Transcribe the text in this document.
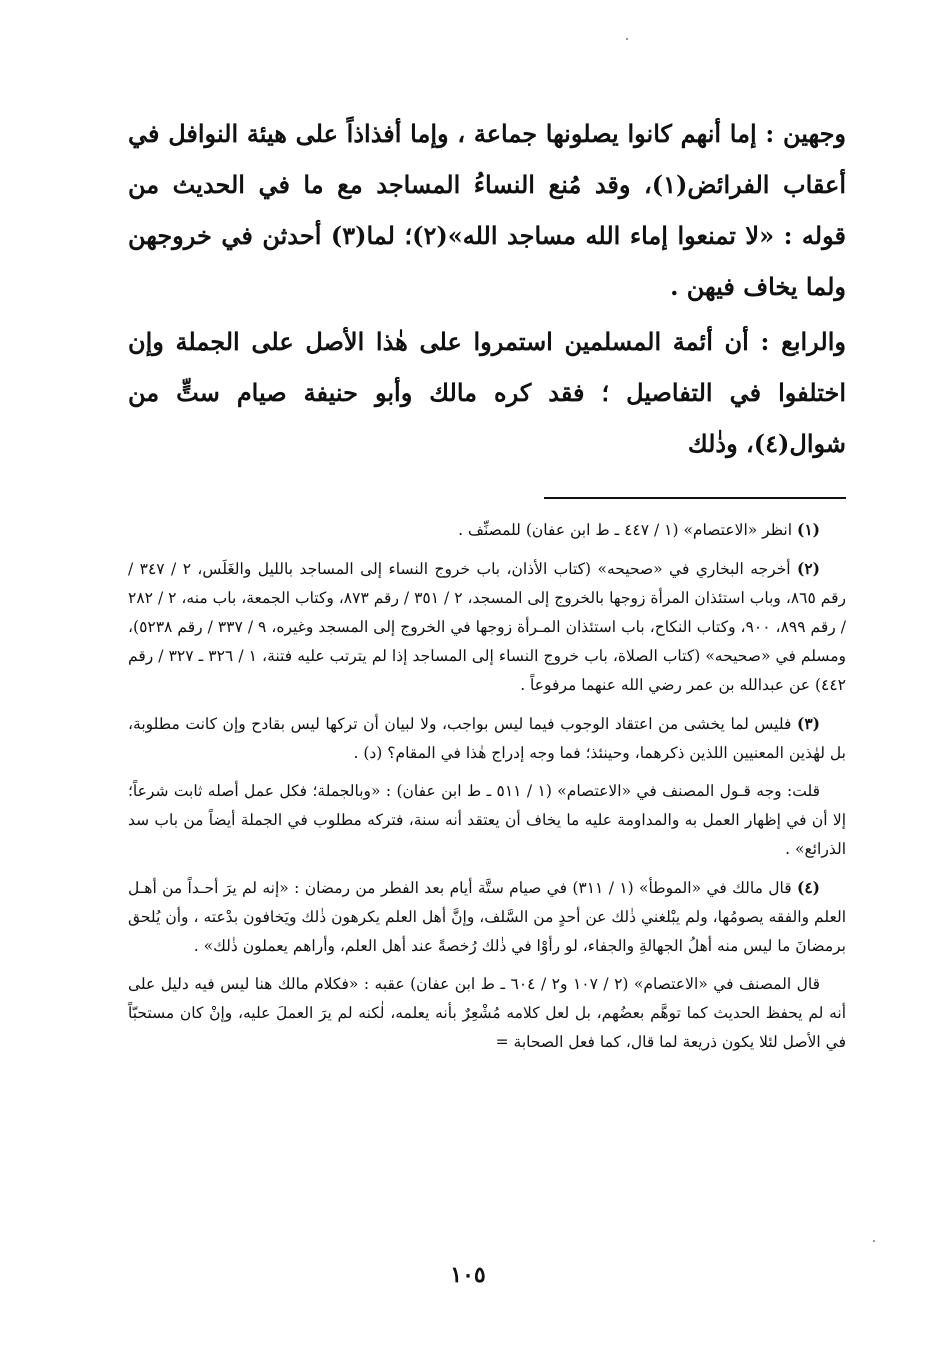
وجهين : إما أنهم كانوا يصلونها جماعة ، وإما أفذاذاً على هيئة النوافل في أعقاب الفرائض(١)، وقد مُنع النساءُ المساجد مع ما في الحديث من قوله : «لا تمنعوا إماء الله مساجد الله»(٢)؛ لما(٣) أحدثن في خروجهن ولما يخاف فيهن .

والرابع : أن أئمة المسلمين استمروا على هٰذا الأصل على الجملة وإن اختلفوا في التفاصيل ؛ فقد كره مالك وأبو حنيفة صيام ستٍّ من شوال(٤)، وذٰلك

(١) انظر «الاعتصام» (١ / ٤٤٧ ـ ط ابن عفان) للمصنِّف .

(٢) أخرجه البخاري في «صحيحه» (كتاب الأذان، باب خروج النساء إلى المساجد بالليل والغَلَس، ٢ / ٣٤٧ / رقم ٨٦٥، وباب استئذان المرأة زوجها بالخروج إلى المسجد، ٢ / ٣٥١ / رقم ٨٧٣، وكتاب الجمعة، باب منه، ٢ / ٢٨٢ / رقم ٨٩٩، ٩٠٠، وكتاب النكاح، باب استئذان المـرأة زوجها في الخروج إلى المسجد وغيره، ٩ / ٣٣٧ / رقم ٥٢٣٨)، ومسلم في «صحيحه» (كتاب الصلاة، باب خروج النساء إلى المساجد إذا لم يترتب عليه فتنة، ١ / ٣٢٦ ـ ٣٢٧ / رقم ٤٤٢) عن عبدالله بن عمر رضي الله عنهما مرفوعاً .

(٣) فليس لما يخشى من اعتقاد الوجوب فيما ليس بواجب، ولا لبيان أن تركها ليس بقادح وإن كانت مطلوبة، بل لهٰذين المعنيين اللذين ذكرهما، وحينئذ؛ فما وجه إدراج هٰذا في المقام؟ (د) .

قلت: وجه قـول المصنف في «الاعتصام» (١ / ٥١١ ـ ط ابن عفان) : «وبالجملة؛ فكل عمل أصله ثابت شرعاً؛ إلا أن في إظهار العمل به والمداومة عليه ما يخاف أن يعتقد أنه سنة، فتركه مطلوب في الجملة أيضاً من باب سد الذرائع» .

(٤) قال مالك في «الموطأ» (١ / ٣١١) في صيام ستَّة أيام بعد الفطر من رمضان : «إنه لم يرَ أحـداً من أهـل العلم والفقه يصومُها، ولم يبْلغني ذٰلك عن أحدٍ من السَّلف، وإنَّ أهل العلم يكرهون ذٰلك ويَخافون بدْعته ، وأن يُلحق برمضانَ ما ليس منه أهلُ الجهالةِ والجفاء، لو رأوْا في ذٰلك رُخصةً عند أهل العلم، وأراهم يعملون ذٰلك» .

قال المصنف في «الاعتصام» (٢ / ١٠٧ و٢ / ٦٠٤ ـ ط ابن عفان) عقبه : «فكلام مالك هنا ليس فيه دليل على أنه لم يحفظ الحديث كما توهَّم بعضُهم، بل لعل كلامه مُشْعِرٌ بأنه يعلمه، لٰكنه لم يرَ العملَ عليه، وإنْ كان مستحبّاً في الأصل لئلا يكون ذريعة لما قال، كما فعل الصحابة =

١٠٥
